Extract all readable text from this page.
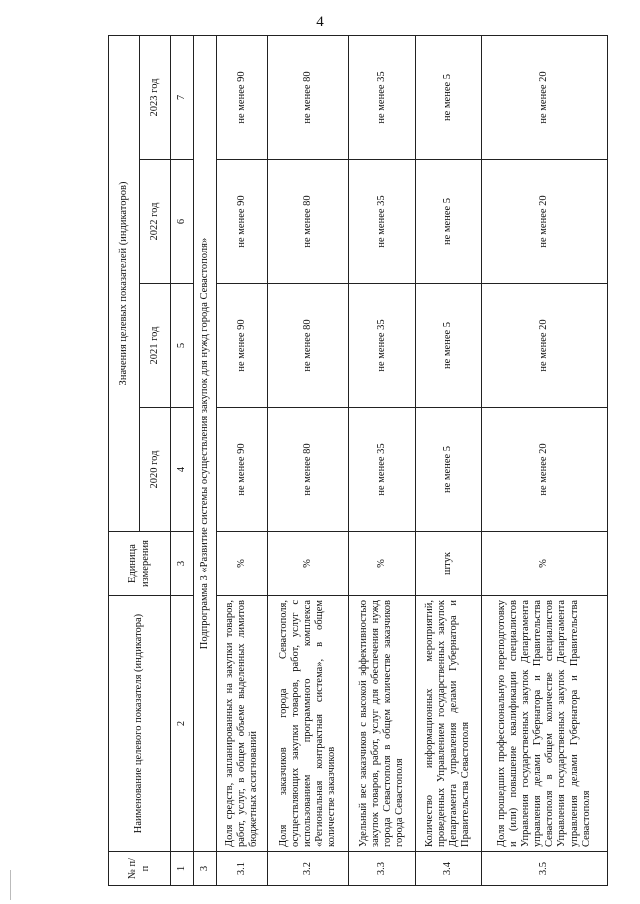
4
№ п/п	Наименование целевого показателя (индикатора)	Единица измерения	Значения целевых показателей (индикаторов)			
			2020 год	2021 год	2022 год	2023 год
1	2	3	4	5	6	7
3	Подпрограмма 3 «Развитие системы осуществления закупок для нужд города Севастополя»					
3.1	Доля средств, запланированных на закупки товаров, работ, услуг, в общем объеме выделенных лимитов бюджетных ассигнований	%	не менее 90	не менее 90	не менее 90	не менее 90
3.2	Доля заказчиков города Севастополя, осуществляющих закупки товаров, работ, услуг с использованием программного комплекса «Региональная контрактная система», в общем количестве заказчиков	%	не менее 80	не менее 80	не менее 80	не менее 80
3.3	Удельный вес заказчиков с высокой эффективностью закупок товаров, работ, услуг для обеспечения нужд города Севастополя в общем количестве заказчиков города Севастополя	%	не менее 35	не менее 35	не менее 35	не менее 35
3.4	Количество информационных мероприятий, проведенных Управлением государственных закупок Департамента управления делами Губернатора и Правительства Севастополя	штук	не менее 5	не менее 5	не менее 5	не менее 5
3.5	Доля прошедших профессиональную переподготовку и (или) повышение квалификации специалистов Управления государственных закупок Департамента управления делами Губернатора и Правительства Севастополя в общем количестве специалистов Управления государственных закупок Департамента управления делами Губернатора и Правительства Севастополя	%	не менее 20	не менее 20	не менее 20	не менее 20
